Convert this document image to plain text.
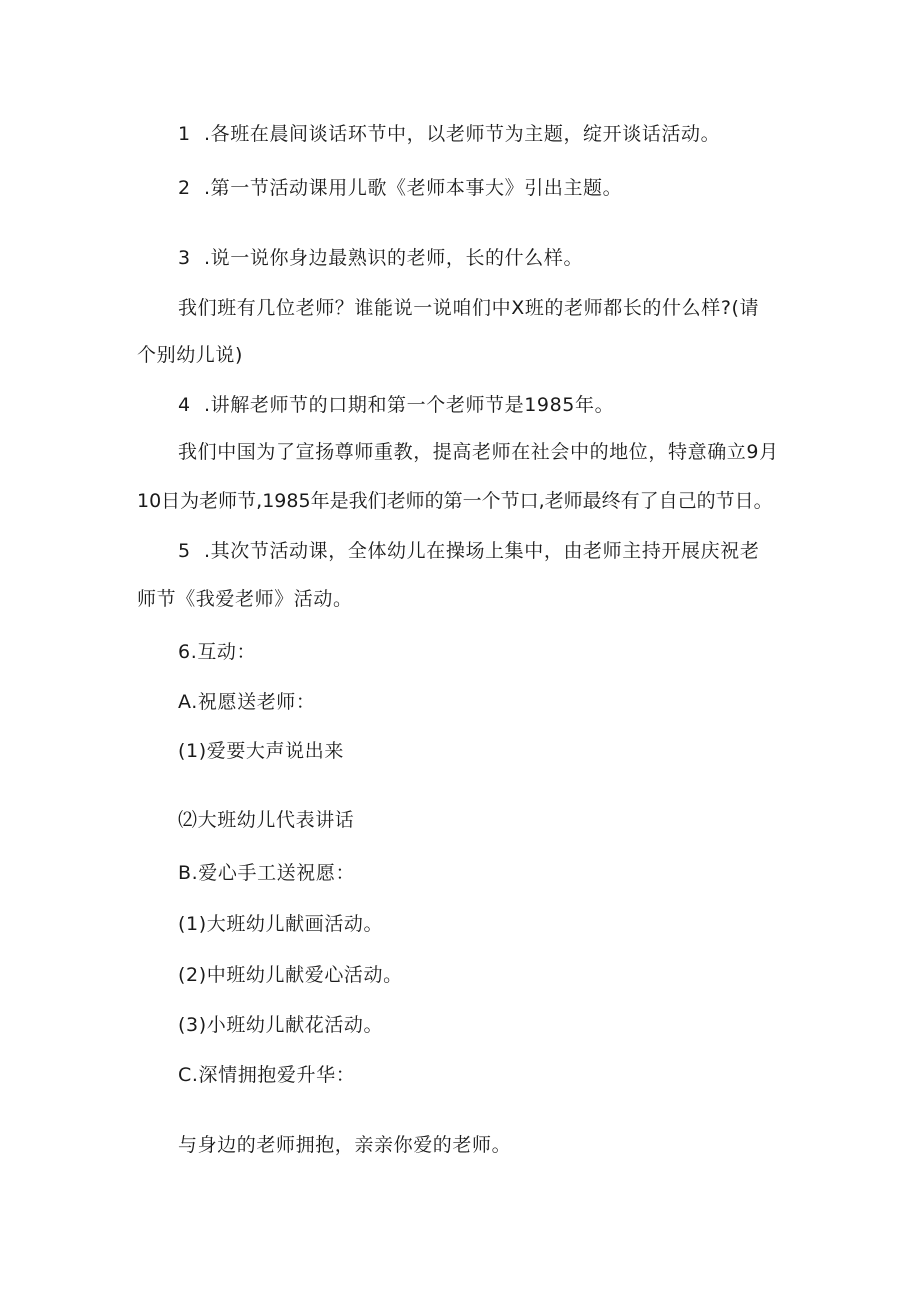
1 .各班在晨间谈话环节中，以老师节为主题，绽开谈话活动。
2 .第一节活动课用儿歌《老师本事大》引出主题。
3 .说一说你身边最熟识的老师，长的什么样。
我们班有几位老师？谁能说一说咱们中X班的老师都长的什么样?(请
个别幼儿说)
4 .讲解老师节的口期和第一个老师节是1985年。
我们中国为了宣扬尊师重教，提高老师在社会中的地位，特意确立9月
10日为老师节,1985年是我们老师的第一个节口,老师最终有了自己的节日。
5 .其次节活动课，全体幼儿在操场上集中，由老师主持开展庆祝老
师节《我爱老师》活动。
6.互动：
A.祝愿送老师：
(1)爱要大声说出来
⑵大班幼儿代表讲话
B.爱心手工送祝愿：
(1)大班幼儿献画活动。
(2)中班幼儿献爱心活动。
(3)小班幼儿献花活动。
C.深情拥抱爱升华：
与身边的老师拥抱，亲亲你爱的老师。
